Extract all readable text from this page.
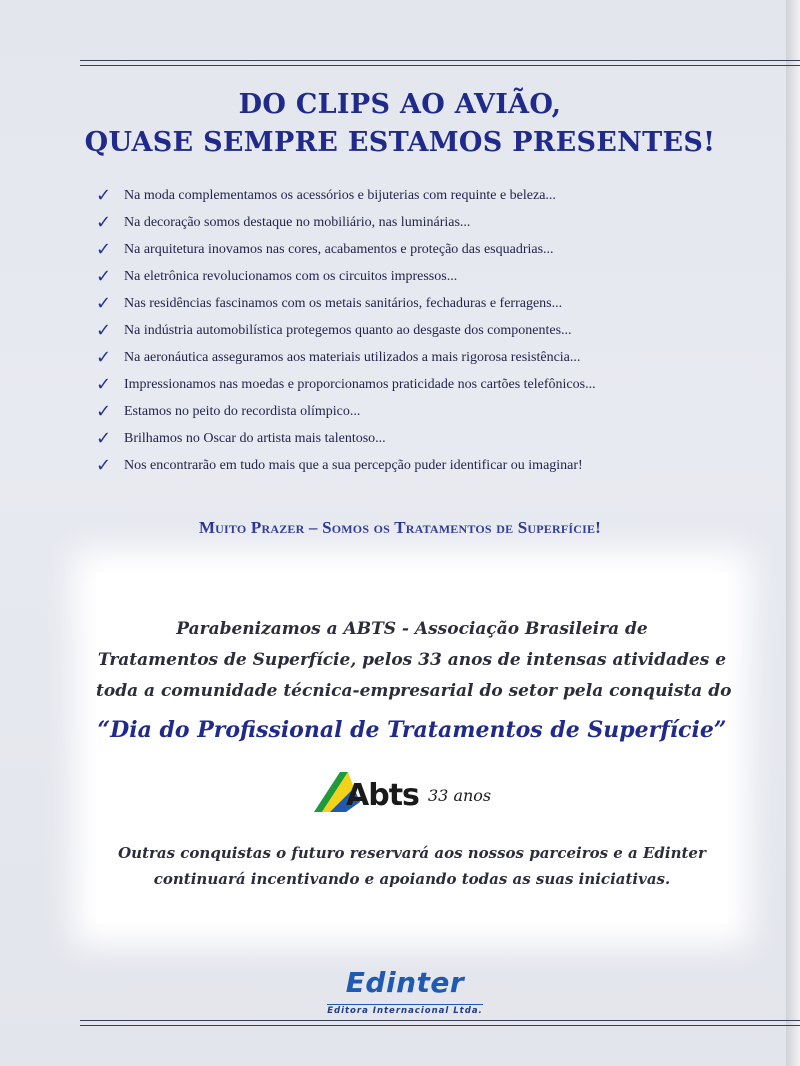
DO CLIPS AO AVIÃO,
QUASE SEMPRE ESTAMOS PRESENTES!
✓ Na moda complementamos os acessórios e bijuterias com requinte e beleza...
✓ Na decoração somos destaque no mobiliário, nas luminárias...
✓ Na arquitetura inovamos nas cores, acabamentos e proteção das esquadrias...
✓ Na eletrônica revolucionamos com os circuitos impressos...
✓ Nas residências fascinamos com os metais sanitários, fechaduras e ferragens...
✓ Na indústria automobilística protegemos quanto ao desgaste dos componentes...
✓ Na aeronáutica asseguramos aos materiais utilizados a mais rigorosa resistência...
✓ Impressionamos nas moedas e proporcionamos praticidade nos cartões telefônicos...
✓ Estamos no peito do recordista olímpico...
✓ Brilhamos no Oscar do artista mais talentoso...
✓ Nos encontrarão em tudo mais que a sua percepção puder identificar ou imaginar!
Muito Prazer – Somos os Tratamentos de Superfície!
Parabenizamos a ABTS - Associação Brasileira de
Tratamentos de Superfície, pelos 33 anos de intensas atividades e
toda a comunidade técnica-empresarial do setor pela conquista do
“Dia do Profissional de Tratamentos de Superfície”
Abts 33 anos
Outras conquistas o futuro reservará aos nossos parceiros e a Edinter
continuará incentivando e apoiando todas as suas iniciativas.
Edinter
Editora Internacional Ltda.
